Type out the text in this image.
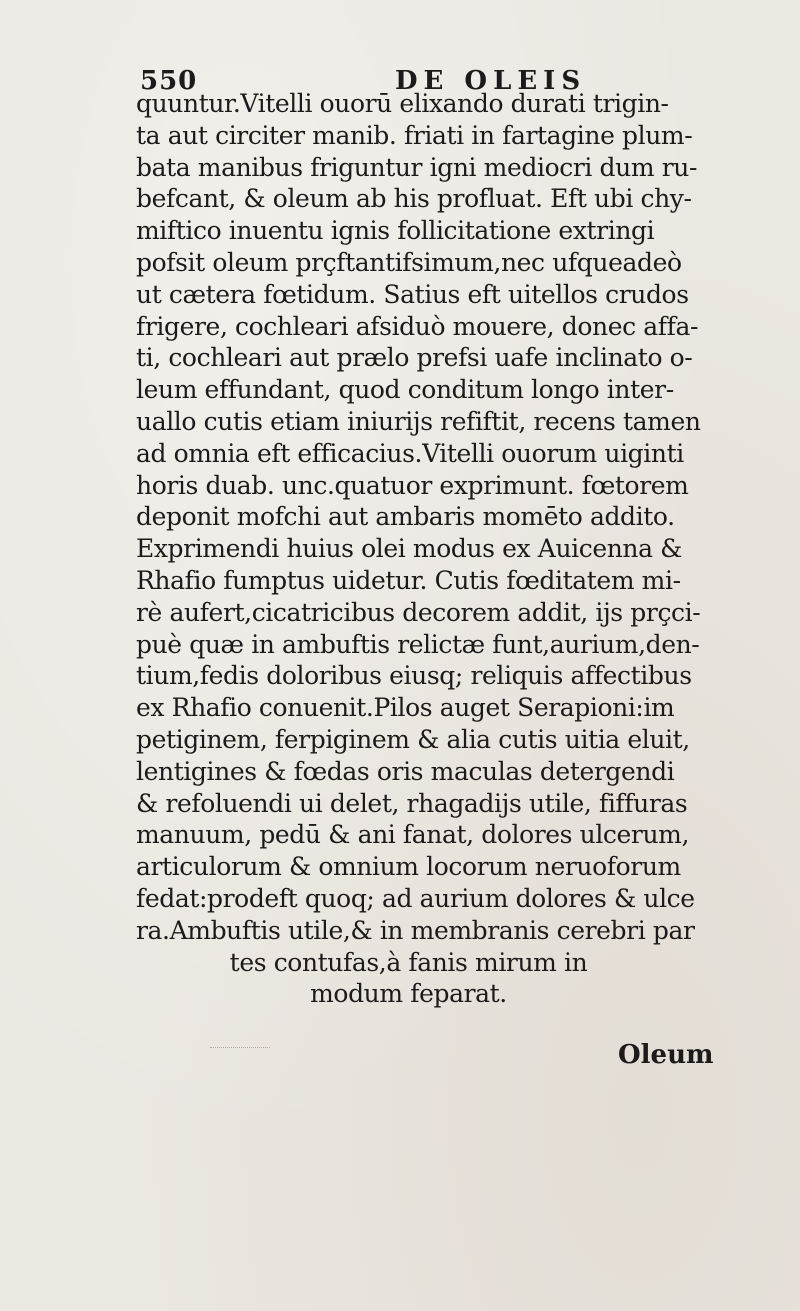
550	DE OLEIS
quuntur.Vitelli ouorū elixando durati trigin-
ta aut circiter manib. friati in fartagine plum-
bata manibus friguntur igni mediocri dum ru-
befcant, & oleum ab his profluat. Eft ubi chy-
miftico inuentu ignis follicitatione extringi
pofsit oleum prçftantifsimum,nec ufqueadeò
ut cætera fœtidum. Satius eft uitellos crudos
frigere, cochleari afsiduò mouere, donec affa-
ti, cochleari aut prælo prefsi uafe inclinato o-
leum effundant, quod conditum longo inter-
uallo cutis etiam iniurijs refiftit, recens tamen
ad omnia eft efficacius.Vitelli ouorum uiginti
horis duab. unc.quatuor exprimunt. fœtorem
deponit mofchi aut ambaris momēto addito.
Exprimendi huius olei modus ex Auicenna &
Rhafio fumptus uidetur. Cutis fœditatem mi-
rè aufert,cicatricibus decorem addit, ijs prçci-
puè quæ in ambuftis relictæ funt,aurium,den-
tium,fedis doloribus eiusq; reliquis affectibus
ex Rhafio conuenit.Pilos auget Serapioni:im
petiginem, ferpiginem & alia cutis uitia eluit,
lentigines & fœdas oris maculas detergendi
& refoluendi ui delet, rhagadijs utile, fiffuras
manuum, pedū & ani fanat, dolores ulcerum,
articulorum & omnium locorum neruoforum
fedat:prodeft quoq; ad aurium dolores & ulce
ra.Ambuftis utile,& in membranis cerebri par
tes contufas,à fanis mirum in
modum feparat.
Oleum
